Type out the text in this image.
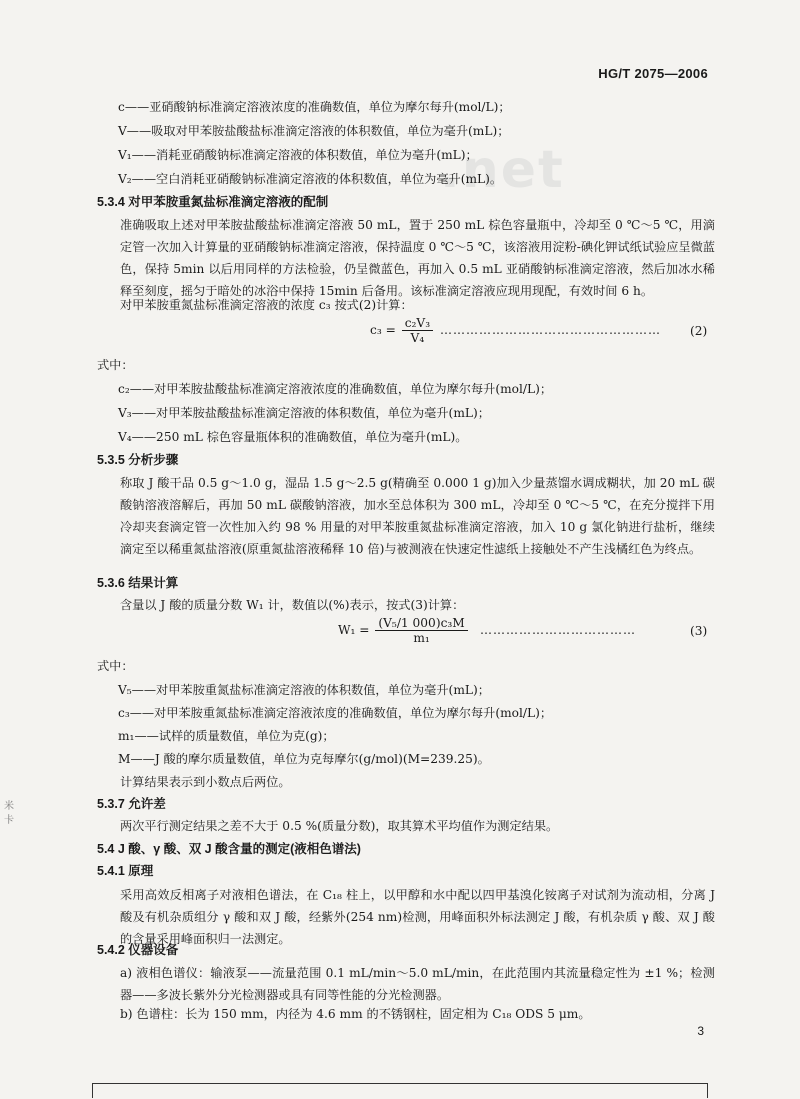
.net
HG/T 2075—2006
c——亚硝酸钠标准滴定溶液浓度的准确数值，单位为摩尔每升(mol/L)；
V——吸取对甲苯胺盐酸盐标准滴定溶液的体积数值，单位为毫升(mL)；
V₁——消耗亚硝酸钠标准滴定溶液的体积数值，单位为毫升(mL)；
V₂——空白消耗亚硝酸钠标准滴定溶液的体积数值，单位为毫升(mL)。
5.3.4 对甲苯胺重氮盐标准滴定溶液的配制
准确吸取上述对甲苯胺盐酸盐标准滴定溶液 50 mL，置于 250 mL 棕色容量瓶中，冷却至 0 ℃～5 ℃，用滴定管一次加入计算量的亚硝酸钠标准滴定溶液，保持温度 0 ℃～5 ℃，该溶液用淀粉-碘化钾试纸试验应呈微蓝色，保持 5min 以后用同样的方法检验，仍呈微蓝色，再加入 0.5 mL 亚硝酸钠标准滴定溶液，然后加冰水稀释至刻度，摇匀于暗处的冰浴中保持 15min 后备用。该标准滴定溶液应现用现配，有效时间 6 h。
对甲苯胺重氮盐标准滴定溶液的浓度 c₃ 按式(2)计算：
$c_3 = \frac{\text{c₂V₃}}{\text{V₄}}$ …………………………………………… (2)
式中：
c₂——对甲苯胺盐酸盐标准滴定溶液浓度的准确数值，单位为摩尔每升(mol/L)；
V₃——对甲苯胺盐酸盐标准滴定溶液的体积数值，单位为毫升(mL)；
V₄——250 mL 棕色容量瓶体积的准确数值，单位为毫升(mL)。
5.3.5 分析步骤
称取 J 酸干品 0.5 g～1.0 g，湿品 1.5 g～2.5 g(精确至 0.000 1 g)加入少量蒸馏水调成糊状，加 20 mL 碳酸钠溶液溶解后，再加 50 mL 碳酸钠溶液，加水至总体积为 300 mL，冷却至 0 ℃～5 ℃，在充分搅拌下用冷却夹套滴定管一次性加入约 98 % 用量的对甲苯胺重氮盐标准滴定溶液，加入 10 g 氯化钠进行盐析，继续滴定至以稀重氮盐溶液(原重氮盐溶液稀释 10 倍)与被测液在快速定性滤纸上接触处不产生浅橘红色为终点。
5.3.6 结果计算
含量以 J 酸的质量分数 W₁ 计，数值以(%)表示，按式(3)计算：
$W_1 = \frac{\text{(V₅/1 000)c₃M}}{\text{m₁}}$ ………………………………	(3)
式中：
V₅——对甲苯胺重氮盐标准滴定溶液的体积数值，单位为毫升(mL)；
c₃——对甲苯胺重氮盐标准滴定溶液浓度的准确数值，单位为摩尔每升(mol/L)；
m₁——试样的质量数值，单位为克(g)；
M——J 酸的摩尔质量数值，单位为克每摩尔(g/mol)(M=239.25)。
计算结果表示到小数点后两位。
5.3.7 允许差
两次平行测定结果之差不大于 0.5 %(质量分数)，取其算术平均值作为测定结果。
5.4 J 酸、γ 酸、双 J 酸含量的测定(液相色谱法)
5.4.1 原理
采用高效反相离子对液相色谱法，在 C₁₈ 柱上，以甲醇和水中配以四甲基溴化铵离子对试剂为流动相，分离 J 酸及有机杂质组分 γ 酸和双 J 酸，经紫外(254 nm)检测，用峰面积外标法测定 J 酸，有机杂质 γ 酸、双 J 酸的含量采用峰面积归一法测定。
5.4.2 仪器设备
a) 液相色谱仪：输液泵——流量范围 0.1 mL/min～5.0 mL/min，在此范围内其流量稳定性为 ±1 %；检测器——多波长紫外分光检测器或具有同等性能的分光检测器。
b) 色谱柱：长为 150 mm，内径为 4.6 mm 的不锈钢柱，固定相为 C₁₈ ODS 5 μm。
3
米
卡
